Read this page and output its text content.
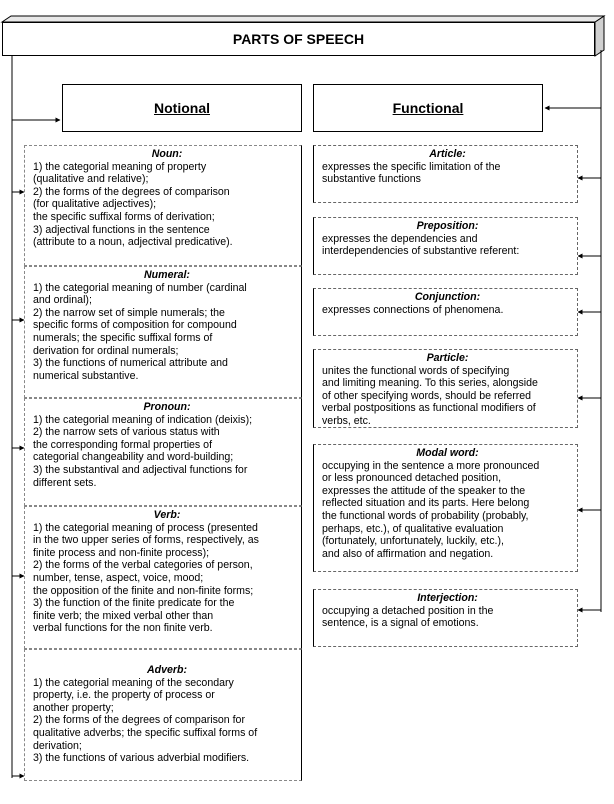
PARTS OF SPEECH
Notional	Functional
Noun:
1) the categorial meaning of property
(qualitative and relative);
2) the forms of the degrees of comparison
(for qualitative adjectives);
the specific suffixal forms of derivation;
3) adjectival functions in the sentence
(attribute to a noun, adjectival predicative).
Numeral:
1) the categorial meaning of number (cardinal
and ordinal);
2) the narrow set of simple numerals; the
specific forms of composition for compound
numerals; the specific suffixal forms of
derivation for ordinal numerals;
3) the functions of numerical attribute and
numerical substantive.
Pronoun:
1) the categorial meaning of indication (deixis);
2) the narrow sets of various status with
the corresponding formal properties of
categorial changeability and word-building;
3) the substantival and adjectival functions for
different sets.
Verb:
1) the categorial meaning of process (presented
in the two upper series of forms, respectively, as
finite process and non-finite process);
2) the forms of the verbal categories of person,
number, tense, aspect, voice, mood;
the opposition of the finite and non-finite forms;
3) the function of the finite predicate for the
finite verb; the mixed verbal other than
verbal functions for the non finite verb.
Adverb:
1) the categorial meaning of the secondary
property, i.e. the property of process or
another property;
2) the forms of the degrees of comparison for
qualitative adverbs; the specific suffixal forms of
derivation;
3) the functions of various adverbial modifiers.
Article:
expresses the specific limitation of the
substantive functions
Preposition:
expresses the dependencies and
interdependencies of substantive referent:
Conjunction:
expresses connections of phenomena.
Particle:
unites the functional words of specifying
and limiting meaning. To this series, alongside
of other specifying words, should be referred
verbal postpositions as functional modifiers of
verbs, etc.
Modal word:
occupying in the sentence a more pronounced
or less pronounced detached position,
expresses the attitude of the speaker to the
reflected situation and its parts. Here belong
the functional words of probability (probably,
perhaps, etc.), of qualitative evaluation
(fortunately, unfortunately, luckily, etc.),
and also of affirmation and negation.
Interjection:
occupying a detached position in the
sentence, is a signal of emotions.
